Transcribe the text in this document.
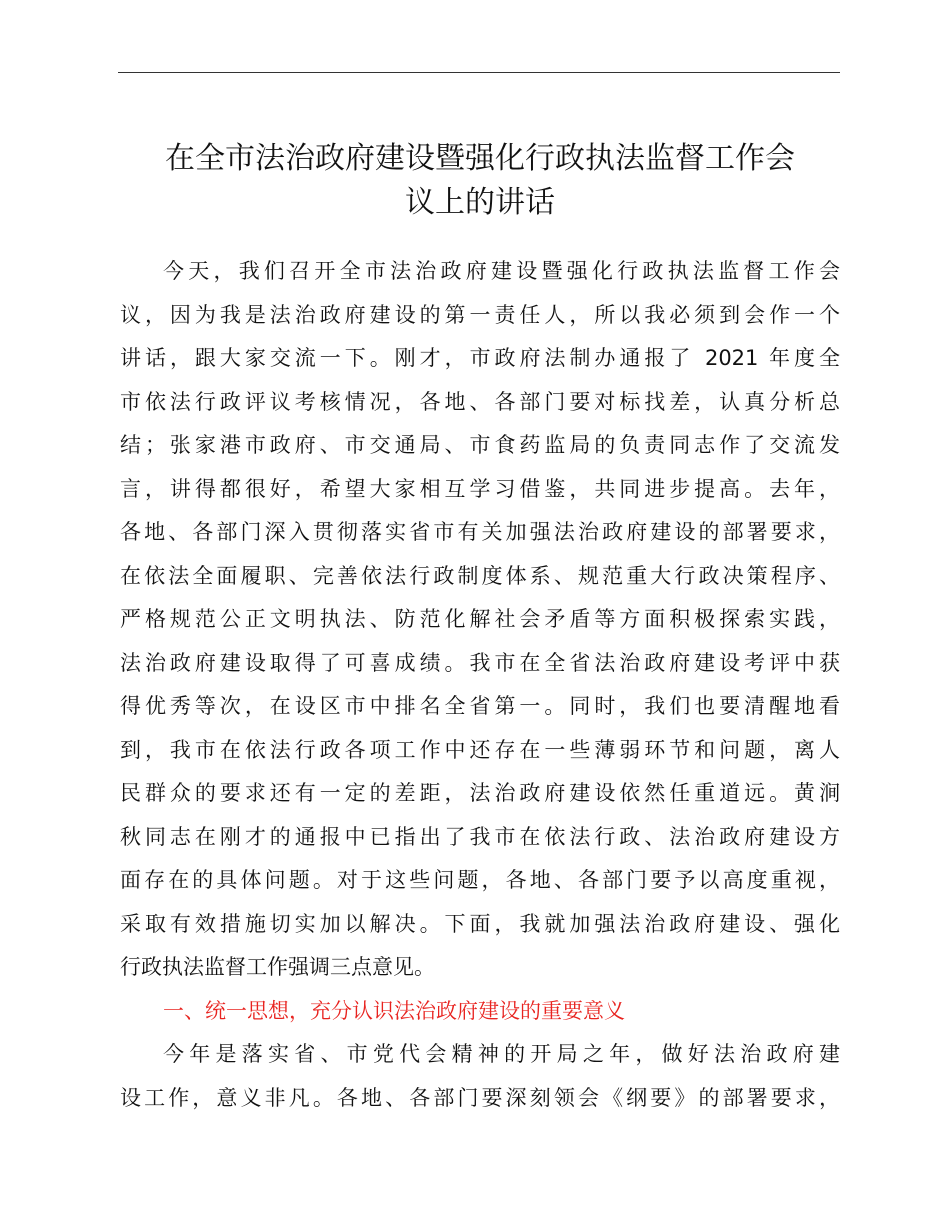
在全市法治政府建设暨强化行政执法监督工作会
议上的讲话
今天，我们召开全市法治政府建设暨强化行政执法监督工作会
议，因为我是法治政府建设的第一责任人，所以我必须到会作一个
讲话，跟大家交流一下。刚才，市政府法制办通报了 2021 年度全
市依法行政评议考核情况，各地、各部门要对标找差，认真分析总
结；张家港市政府、市交通局、市食药监局的负责同志作了交流发
言，讲得都很好，希望大家相互学习借鉴，共同进步提高。去年，
各地、各部门深入贯彻落实省市有关加强法治政府建设的部署要求，
在依法全面履职、完善依法行政制度体系、规范重大行政决策程序、
严格规范公正文明执法、防范化解社会矛盾等方面积极探索实践，
法治政府建设取得了可喜成绩。我市在全省法治政府建设考评中获
得优秀等次，在设区市中排名全省第一。同时，我们也要清醒地看
到，我市在依法行政各项工作中还存在一些薄弱环节和问题，离人
民群众的要求还有一定的差距，法治政府建设依然任重道远。黄涧
秋同志在刚才的通报中已指出了我市在依法行政、法治政府建设方
面存在的具体问题。对于这些问题，各地、各部门要予以高度重视，
采取有效措施切实加以解决。下面，我就加强法治政府建设、强化
行政执法监督工作强调三点意见。
一、统一思想，充分认识法治政府建设的重要意义
今年是落实省、市党代会精神的开局之年，做好法治政府建
设工作，意义非凡。各地、各部门要深刻领会《纲要》的部署要求，
